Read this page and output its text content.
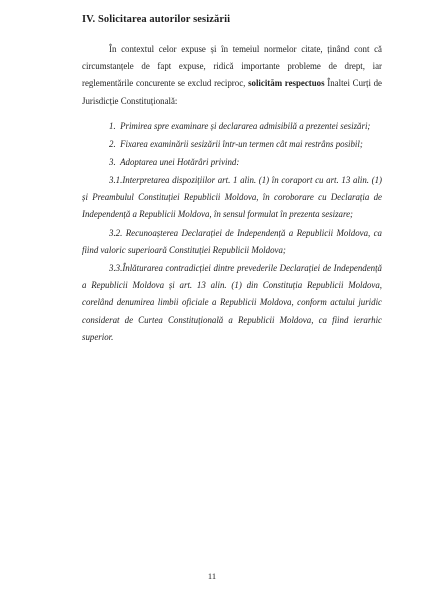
IV. Solicitarea autorilor sesizării
În contextul celor expuse și în temeiul normelor citate, ținând cont că circumstanțele de fapt expuse, ridică importante probleme de drept, iar reglementările concurente se exclud reciproc, solicităm respectuos Înaltei Curți de Jurisdicție Constituțională:
1. Primirea spre examinare și declararea admisibilă a prezentei sesizări;
2. Fixarea examinării sesizării într-un termen cât mai restrâns posibil;
3. Adoptarea unei Hotărâri privind:
3.1.Interpretarea dispozițiilor art. 1 alin. (1) în coraport cu art. 13 alin. (1) și Preambulul Constituției Republicii Moldova, în coroborare cu Declarația de Independență a Republicii Moldova, în sensul formulat în prezenta sesizare;
3.2. Recunoașterea Declarației de Independență a Republicii Moldova, ca fiind valoric superioară Constituției Republicii Moldova;
3.3.Înlăturarea contradicției dintre prevederile Declarației de Independență a Republicii Moldova și art. 13 alin. (1) din Constituția Republicii Moldova, corelând denumirea limbii oficiale a Republicii Moldova, conform actului juridic considerat de Curtea Constituțională a Republicii Moldova, ca fiind ierarhic superior.
11
